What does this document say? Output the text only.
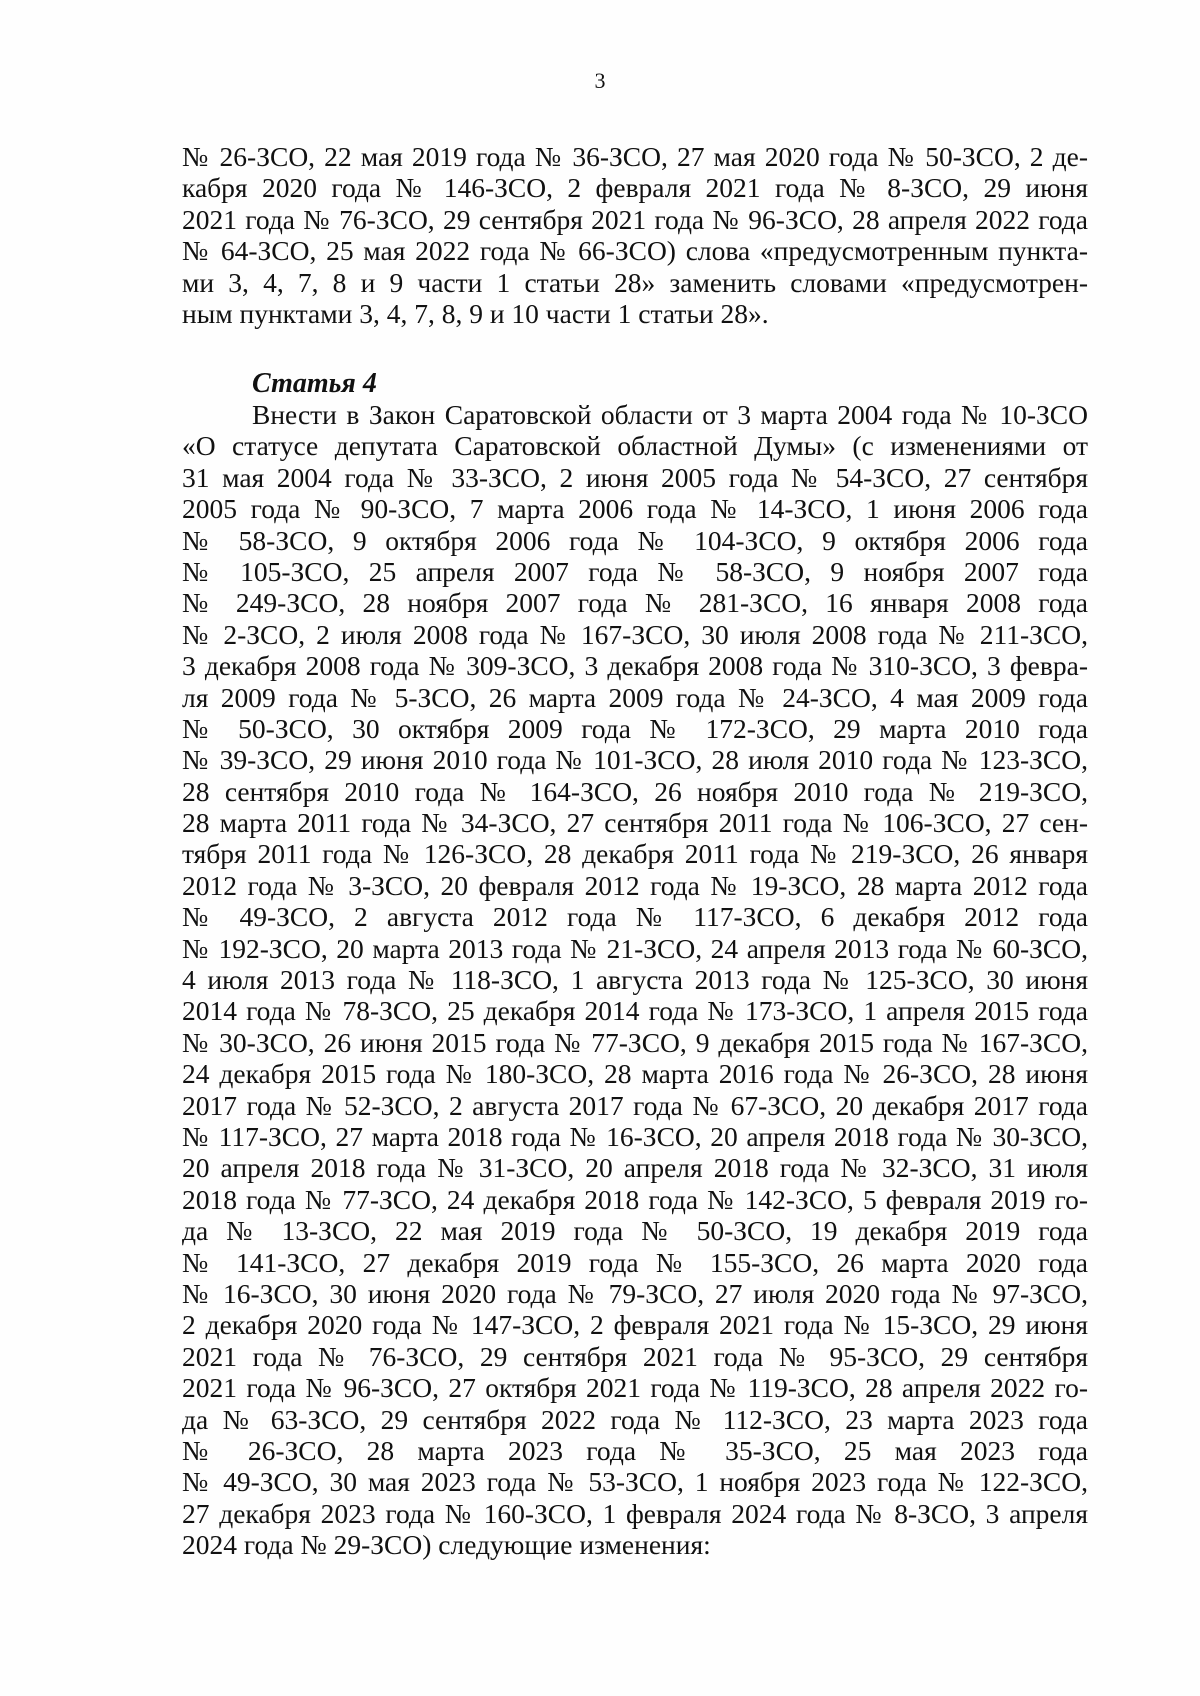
3
№ 26-ЗСО, 22 мая 2019 года № 36-ЗСО, 27 мая 2020 года № 50-ЗСО, 2 де-
кабря 2020 года № 146-ЗСО, 2 февраля 2021 года № 8-ЗСО, 29 июня
2021 года № 76-ЗСО, 29 сентября 2021 года № 96-ЗСО, 28 апреля 2022 года
№ 64-ЗСО, 25 мая 2022 года № 66-ЗСО) слова «предусмотренным пункта-
ми 3, 4, 7, 8 и 9 части 1 статьи 28» заменить словами «предусмотрен-
ным пунктами 3, 4, 7, 8, 9 и 10 части 1 статьи 28».
Статья 4
Внести в Закон Саратовской области от 3 марта 2004 года № 10-ЗСО
«О статусе депутата Саратовской областной Думы» (с изменениями от
31 мая 2004 года № 33-ЗСО, 2 июня 2005 года № 54-ЗСО, 27 сентября
2005 года № 90-ЗСО, 7 марта 2006 года № 14-ЗСО, 1 июня 2006 года
№ 58-ЗСО, 9 октября 2006 года № 104-ЗСО, 9 октября 2006 года
№ 105-ЗСО, 25 апреля 2007 года № 58-ЗСО, 9 ноября 2007 года
№ 249-ЗСО, 28 ноября 2007 года № 281-ЗСО, 16 января 2008 года
№ 2-ЗСО, 2 июля 2008 года № 167-ЗСО, 30 июля 2008 года № 211-ЗСО,
3 декабря 2008 года № 309-ЗСО, 3 декабря 2008 года № 310-ЗСО, 3 февра-
ля 2009 года № 5-ЗСО, 26 марта 2009 года № 24-ЗСО, 4 мая 2009 года
№ 50-ЗСО, 30 октября 2009 года № 172-ЗСО, 29 марта 2010 года
№ 39-ЗСО, 29 июня 2010 года № 101-ЗСО, 28 июля 2010 года № 123-ЗСО,
28 сентября 2010 года № 164-ЗСО, 26 ноября 2010 года № 219-ЗСО,
28 марта 2011 года № 34-ЗСО, 27 сентября 2011 года № 106-ЗСО, 27 сен-
тября 2011 года № 126-ЗСО, 28 декабря 2011 года № 219-ЗСО, 26 января
2012 года № 3-ЗСО, 20 февраля 2012 года № 19-ЗСО, 28 марта 2012 года
№ 49-ЗСО, 2 августа 2012 года № 117-ЗСО, 6 декабря 2012 года
№ 192-ЗСО, 20 марта 2013 года № 21-ЗСО, 24 апреля 2013 года № 60-ЗСО,
4 июля 2013 года № 118-ЗСО, 1 августа 2013 года № 125-ЗСО, 30 июня
2014 года № 78-ЗСО, 25 декабря 2014 года № 173-ЗСО, 1 апреля 2015 года
№ 30-ЗСО, 26 июня 2015 года № 77-ЗСО, 9 декабря 2015 года № 167-ЗСО,
24 декабря 2015 года № 180-ЗСО, 28 марта 2016 года № 26-ЗСО, 28 июня
2017 года № 52-ЗСО, 2 августа 2017 года № 67-ЗСО, 20 декабря 2017 года
№ 117-ЗСО, 27 марта 2018 года № 16-ЗСО, 20 апреля 2018 года № 30-ЗСО,
20 апреля 2018 года № 31-ЗСО, 20 апреля 2018 года № 32-ЗСО, 31 июля
2018 года № 77-ЗСО, 24 декабря 2018 года № 142-ЗСО, 5 февраля 2019 го-
да № 13-ЗСО, 22 мая 2019 года № 50-ЗСО, 19 декабря 2019 года
№ 141-ЗСО, 27 декабря 2019 года № 155-ЗСО, 26 марта 2020 года
№ 16-ЗСО, 30 июня 2020 года № 79-ЗСО, 27 июля 2020 года № 97-ЗСО,
2 декабря 2020 года № 147-ЗСО, 2 февраля 2021 года № 15-ЗСО, 29 июня
2021 года № 76-ЗСО, 29 сентября 2021 года № 95-ЗСО, 29 сентября
2021 года № 96-ЗСО, 27 октября 2021 года № 119-ЗСО, 28 апреля 2022 го-
да № 63-ЗСО, 29 сентября 2022 года № 112-ЗСО, 23 марта 2023 года
№ 26-ЗСО, 28 марта 2023 года № 35-ЗСО, 25 мая 2023 года
№ 49-ЗСО, 30 мая 2023 года № 53-ЗСО, 1 ноября 2023 года № 122-ЗСО,
27 декабря 2023 года № 160-ЗСО, 1 февраля 2024 года № 8-ЗСО, 3 апреля
2024 года № 29-ЗСО) следующие изменения:
